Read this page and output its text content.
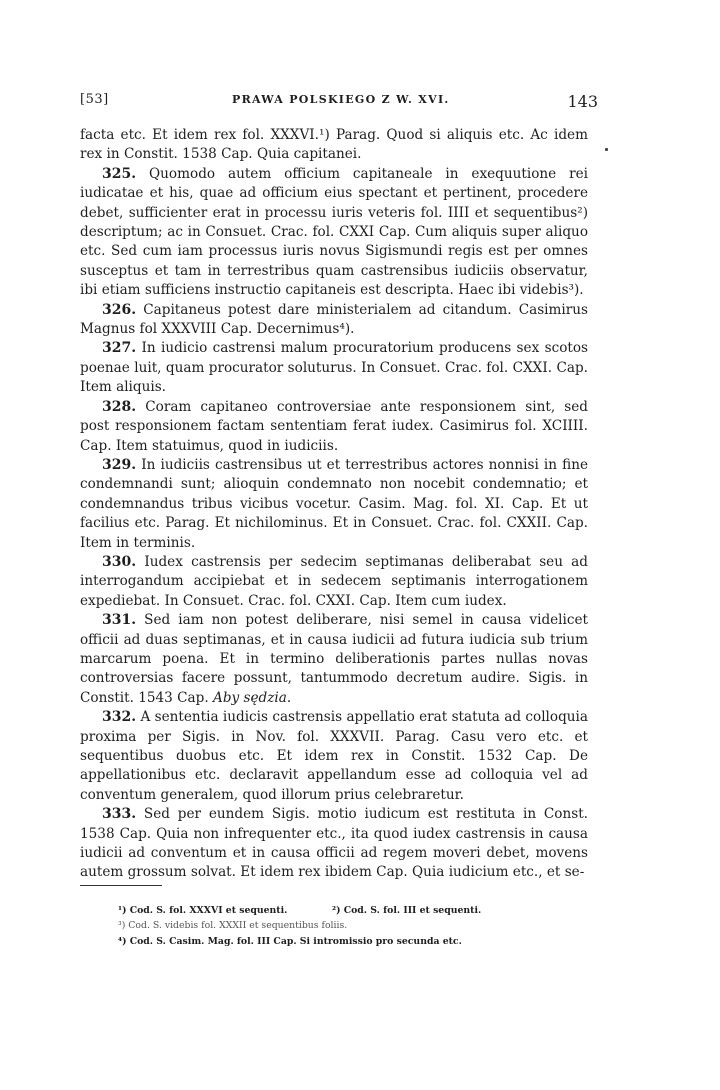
[53]	PRAWA POLSKIEGO Z W. XVI.	143

facta etc. Et idem rex fol. XXXVI.¹) Parag. Quod si aliquis etc. Ac idem rex in Constit. 1538 Cap. Quia capitanei.

325. Quomodo autem officium capitaneale in exequutione rei iudicatae et his, quae ad officium eius spectant et pertinent, procedere debet, sufficienter erat in processu iuris veteris fol. IIII et sequentibus²) descriptum; ac in Consuet. Crac. fol. CXXI Cap. Cum aliquis super aliquo etc. Sed cum iam processus iuris novus Sigismundi regis est per omnes susceptus et tam in terrestribus quam castrensibus iudiciis observatur, ibi etiam sufficiens instructio capitaneis est descripta. Haec ibi videbis³).

326. Capitaneus potest dare ministerialem ad citandum. Casimirus Magnus fol XXXVIII Cap. Decernimus⁴).

327. In iudicio castrensi malum procuratorium producens sex scotos poenae luit, quam procurator soluturus. In Consuet. Crac. fol. CXXI. Cap. Item aliquis.

328. Coram capitaneo controversiae ante responsionem sint, sed post responsionem factam sententiam ferat iudex. Casimirus fol. XCIIII. Cap. Item statuimus, quod in iudiciis.

329. In iudiciis castrensibus ut et terrestribus actores nonnisi in fine condemnandi sunt; alioquin condemnato non nocebit condemnatio; et condemnandus tribus vicibus vocetur. Casim. Mag. fol. XI. Cap. Et ut facilius etc. Parag. Et nichilominus. Et in Consuet. Crac. fol. CXXII. Cap. Item in terminis.

330. Iudex castrensis per sedecim septimanas deliberabat seu ad interrogandum accipiebat et in sedecem septimanis interrogationem expediebat. In Consuet. Crac. fol. CXXI. Cap. Item cum iudex.

331. Sed iam non potest deliberare, nisi semel in causa videlicet officii ad duas septimanas, et in causa iudicii ad futura iudicia sub trium marcarum poena. Et in termino deliberationis partes nullas novas controversias facere possunt, tantummodo decretum audire. Sigis. in Constit. 1543 Cap. Aby sędzia.

332. A sententia iudicis castrensis appellatio erat statuta ad colloquia proxima per Sigis. in Nov. fol. XXXVII. Parag. Casu vero etc. et sequentibus duobus etc. Et idem rex in Constit. 1532 Cap. De appellationibus etc. declaravit appellandum esse ad colloquia vel ad conventum generalem, quod illorum prius celebraretur.

333. Sed per eundem Sigis. motio iudicum est restituta in Const. 1538 Cap. Quia non infrequenter etc., ita quod iudex castrensis in causa iudicii ad conventum et in causa officii ad regem moveri debet, movens autem grossum solvat. Et idem rex ibidem Cap. Quia iudicium etc., et se-

¹) Cod. S. fol. XXXVI et sequenti.	²) Cod. S. fol. III et sequenti.
³) Cod. S. videbis fol. XXXII et sequentibus foliis.
⁴) Cod. S. Casim. Mag. fol. III Cap. Si intromissio pro secunda etc.
